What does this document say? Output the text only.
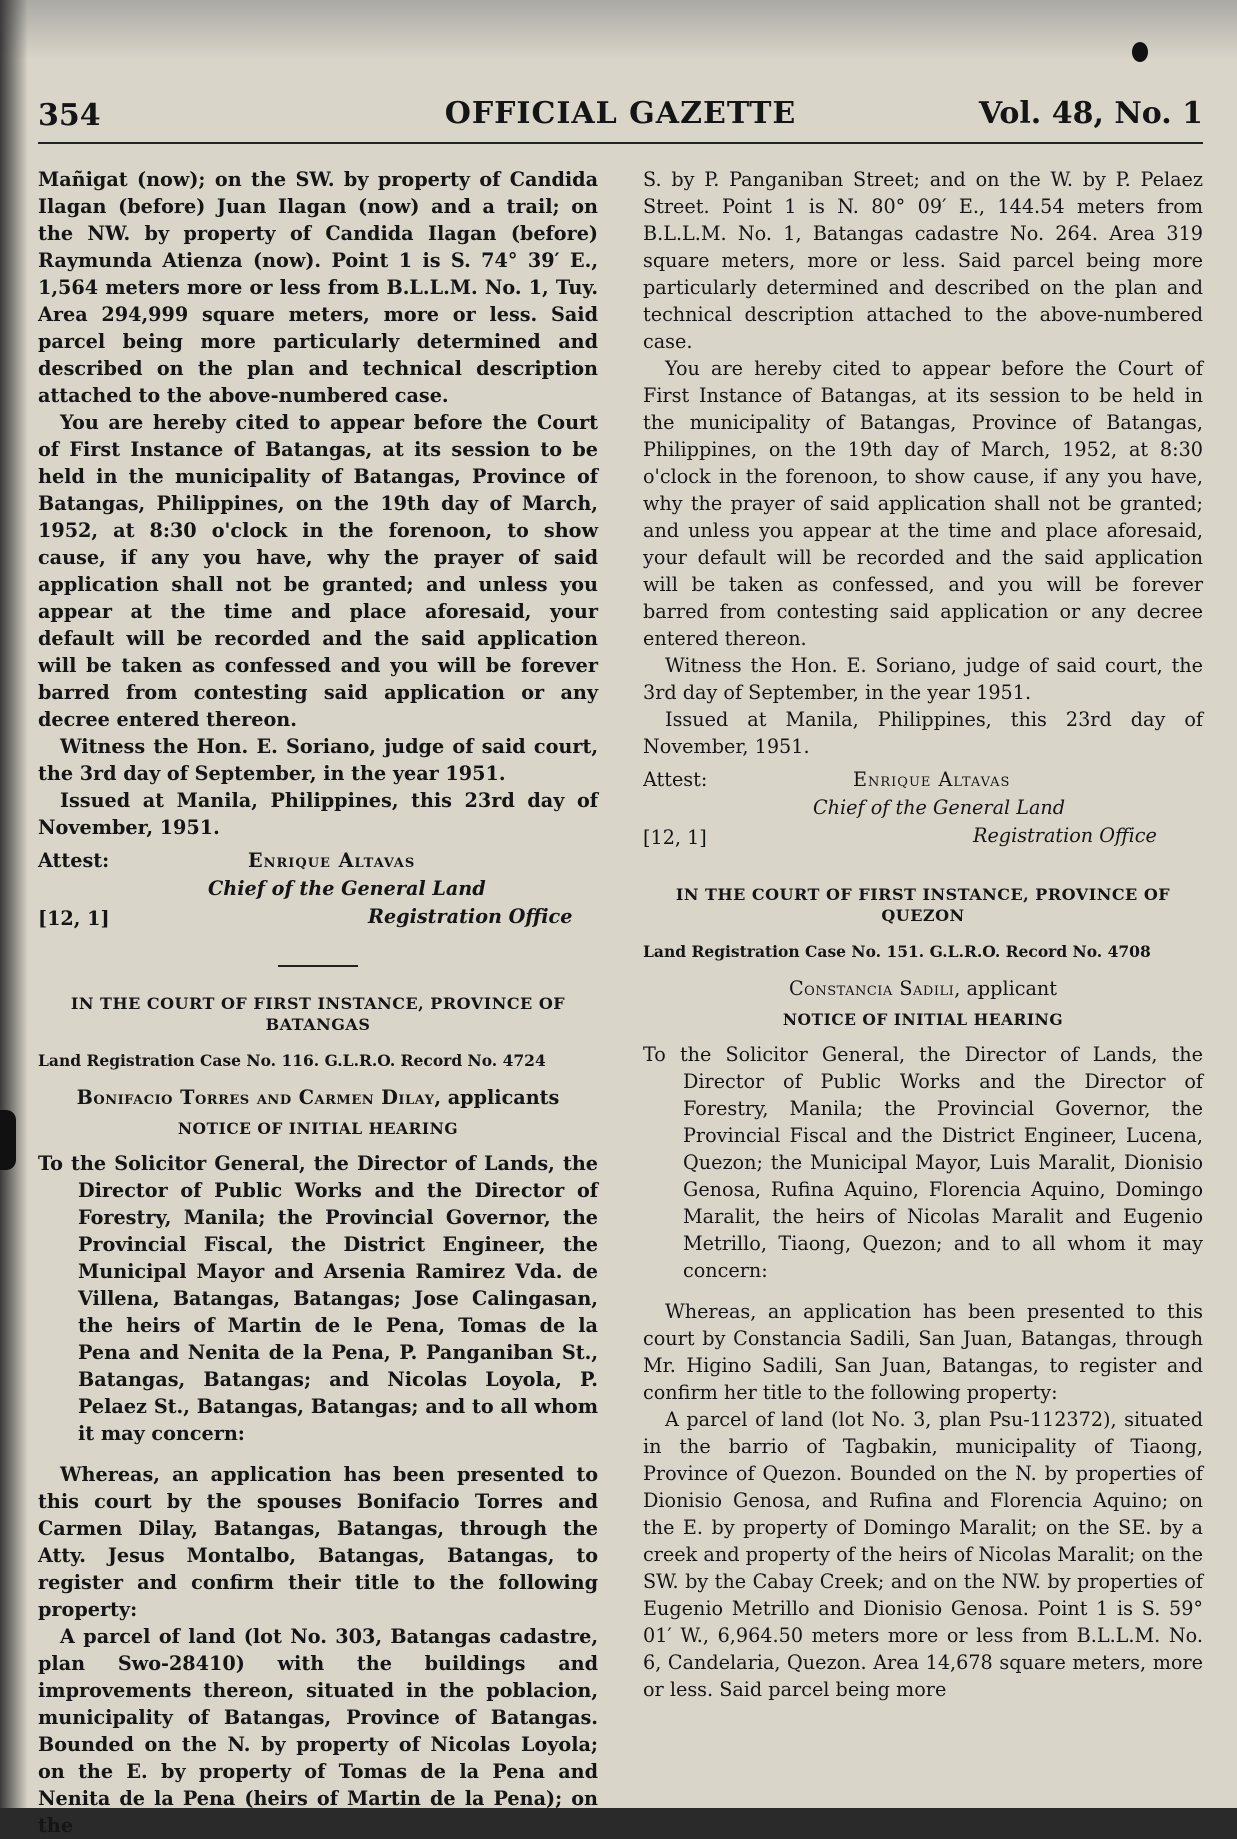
354	OFFICIAL GAZETTE	Vol. 48, No. 1

Mañigat (now); on the SW. by property of Candida Ilagan (before) Juan Ilagan (now) and a trail; on the NW. by property of Candida Ilagan (before) Raymunda Atienza (now). Point 1 is S. 74° 39′ E., 1,564 meters more or less from B.L.L.M. No. 1, Tuy. Area 294,999 square meters, more or less. Said parcel being more particularly determined and described on the plan and technical description attached to the above-numbered case.

You are hereby cited to appear before the Court of First Instance of Batangas, at its session to be held in the municipality of Batangas, Province of Batangas, Philippines, on the 19th day of March, 1952, at 8:30 o'clock in the forenoon, to show cause, if any you have, why the prayer of said application shall not be granted; and unless you appear at the time and place aforesaid, your default will be recorded and the said application will be taken as confessed and you will be forever barred from contesting said application or any decree entered thereon.

Witness the Hon. E. Soriano, judge of said court, the 3rd day of September, in the year 1951.

Issued at Manila, Philippines, this 23rd day of November, 1951.

Attest:	Enrique Altavas
Chief of the General Land
[12, 1]	Registration Office
IN THE COURT OF FIRST INSTANCE, PROVINCE OF BATANGAS
Land Registration Case No. 116. G.L.R.O. Record No. 4724
Bonifacio Torres and Carmen Dilay, applicants
NOTICE OF INITIAL HEARING

To the Solicitor General, the Director of Lands, the Director of Public Works and the Director of Forestry, Manila; the Provincial Governor, the Provincial Fiscal, the District Engineer, the Municipal Mayor and Arsenia Ramirez Vda. de Villena, Batangas, Batangas; Jose Calingasan, the heirs of Martin de le Pena, Tomas de la Pena and Nenita de la Pena, P. Panganiban St., Batangas, Batangas; and Nicolas Loyola, P. Pelaez St., Batangas, Batangas; and to all whom it may concern:

Whereas, an application has been presented to this court by the spouses Bonifacio Torres and Carmen Dilay, Batangas, Batangas, through the Atty. Jesus Montalbo, Batangas, Batangas, to register and confirm their title to the following property:

A parcel of land (lot No. 303, Batangas cadastre, plan Swo-28410) with the buildings and improvements thereon, situated in the poblacion, municipality of Batangas, Province of Batangas. Bounded on the N. by property of Nicolas Loyola; on the E. by property of Tomas de la Pena and Nenita de la Pena (heirs of Martin de la Pena); on the

S. by P. Panganiban Street; and on the W. by P. Pelaez Street. Point 1 is N. 80° 09′ E., 144.54 meters from B.L.L.M. No. 1, Batangas cadastre No. 264. Area 319 square meters, more or less. Said parcel being more particularly determined and described on the plan and technical description attached to the above-numbered case.

You are hereby cited to appear before the Court of First Instance of Batangas, at its session to be held in the municipality of Batangas, Province of Batangas, Philippines, on the 19th day of March, 1952, at 8:30 o'clock in the forenoon, to show cause, if any you have, why the prayer of said application shall not be granted; and unless you appear at the time and place aforesaid, your default will be recorded and the said application will be taken as confessed, and you will be forever barred from contesting said application or any decree entered thereon.

Witness the Hon. E. Soriano, judge of said court, the 3rd day of September, in the year 1951.

Issued at Manila, Philippines, this 23rd day of November, 1951.

Attest:	Enrique Altavas
Chief of the General Land
[12, 1]	Registration Office
IN THE COURT OF FIRST INSTANCE, PROVINCE OF QUEZON
Land Registration Case No. 151. G.L.R.O. Record No. 4708
Constancia Sadili, applicant
NOTICE OF INITIAL HEARING

To the Solicitor General, the Director of Lands, the Director of Public Works and the Director of Forestry, Manila; the Provincial Governor, the Provincial Fiscal and the District Engineer, Lucena, Quezon; the Municipal Mayor, Luis Maralit, Dionisio Genosa, Rufina Aquino, Florencia Aquino, Domingo Maralit, the heirs of Nicolas Maralit and Eugenio Metrillo, Tiaong, Quezon; and to all whom it may concern:

Whereas, an application has been presented to this court by Constancia Sadili, San Juan, Batangas, through Mr. Higino Sadili, San Juan, Batangas, to register and confirm her title to the following property:

A parcel of land (lot No. 3, plan Psu-112372), situated in the barrio of Tagbakin, municipality of Tiaong, Province of Quezon. Bounded on the N. by properties of Dionisio Genosa, and Rufina and Florencia Aquino; on the E. by property of Domingo Maralit; on the SE. by a creek and property of the heirs of Nicolas Maralit; on the SW. by the Cabay Creek; and on the NW. by properties of Eugenio Metrillo and Dionisio Genosa. Point 1 is S. 59° 01′ W., 6,964.50 meters more or less from B.L.L.M. No. 6, Candelaria, Quezon. Area 14,678 square meters, more or less. Said parcel being more
